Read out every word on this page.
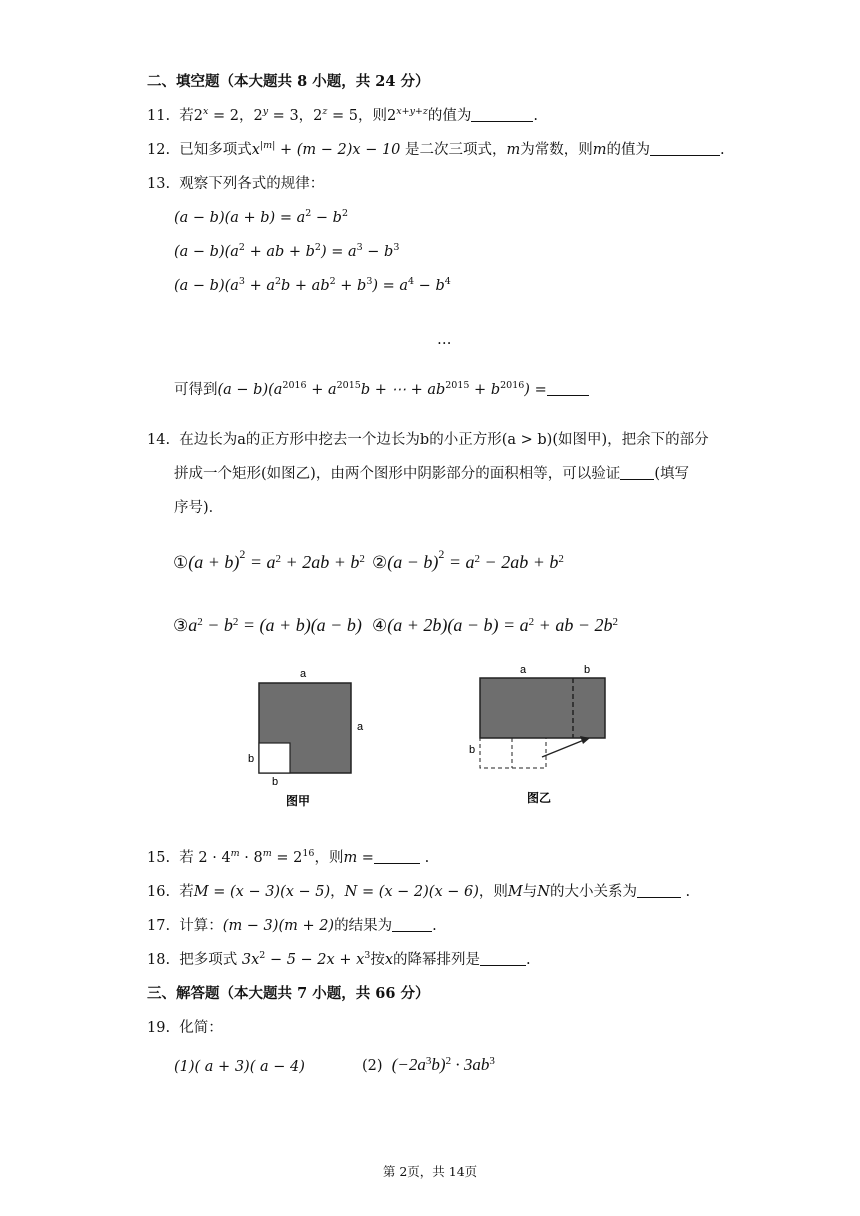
二、填空题（本大题共 8 小题，共 24 分）
11. 若$2^x = 2$，$2^y = 3$，$2^z = 5$，则$2^{x+y+z}$的值为	.
12. 已知多项式$x^{|m|} + (m - 2)x - 10$ 是二次三项式，m为常数，则m的值为	.
13. 观察下列各式的规律：
$(a - b)(a + b) = a^2 - b^2$
$(a - b)(a^2$ + ab + $b^2) = a^3 - b^3$
$(a - b)(a^3 + a^2b + ab^2 + b^3) = a^4 - b^4$
…
可得到$(a - b)(a^{2016} + a^{2015}b$ + ⋯ + $ab^{2015} + b^{2016}$) =
14. 在边长为a的正方形中挖去一个边长为b的小正方形(a > b)(如图甲)，把余下的部分
拼成一个矩形(如图乙)，由两个图形中阴影部分的面积相等，可以验证 (填写
序号)．
①(a + $b)^2 = a^2 + 2ab + b^2$ ②(a − $b)^2 = a^2 - 2ab + b^2$
$③a^2 - b^2 = (a + b)(a - b)$ ④(a + $2b)(a - b) = a^2$ + ab − $2b^2$
a
a
b
b
图甲
a	b
b
图乙
15. 若 $2 \cdot 4^m \cdot 8^m = 2^{16}$，则m =	.
16. 若M = (x − 3)(x − 5)，N = (x − 2)(x − 6)，则M与N的大小关系为	.
17. 计算：(m − 3)(m + 2)的结果为	.
18. 把多项式 $3x^2 - 5 - 2x + x^3$按x的降幂排列是	.
三、解答题（本大题共 7 小题，共 66 分）
19. 化简：
(1)( a + 3)( a − 4)	(2) $(-2a^3b)^2 \cdot 3ab^3$
第 2页，共 14页
